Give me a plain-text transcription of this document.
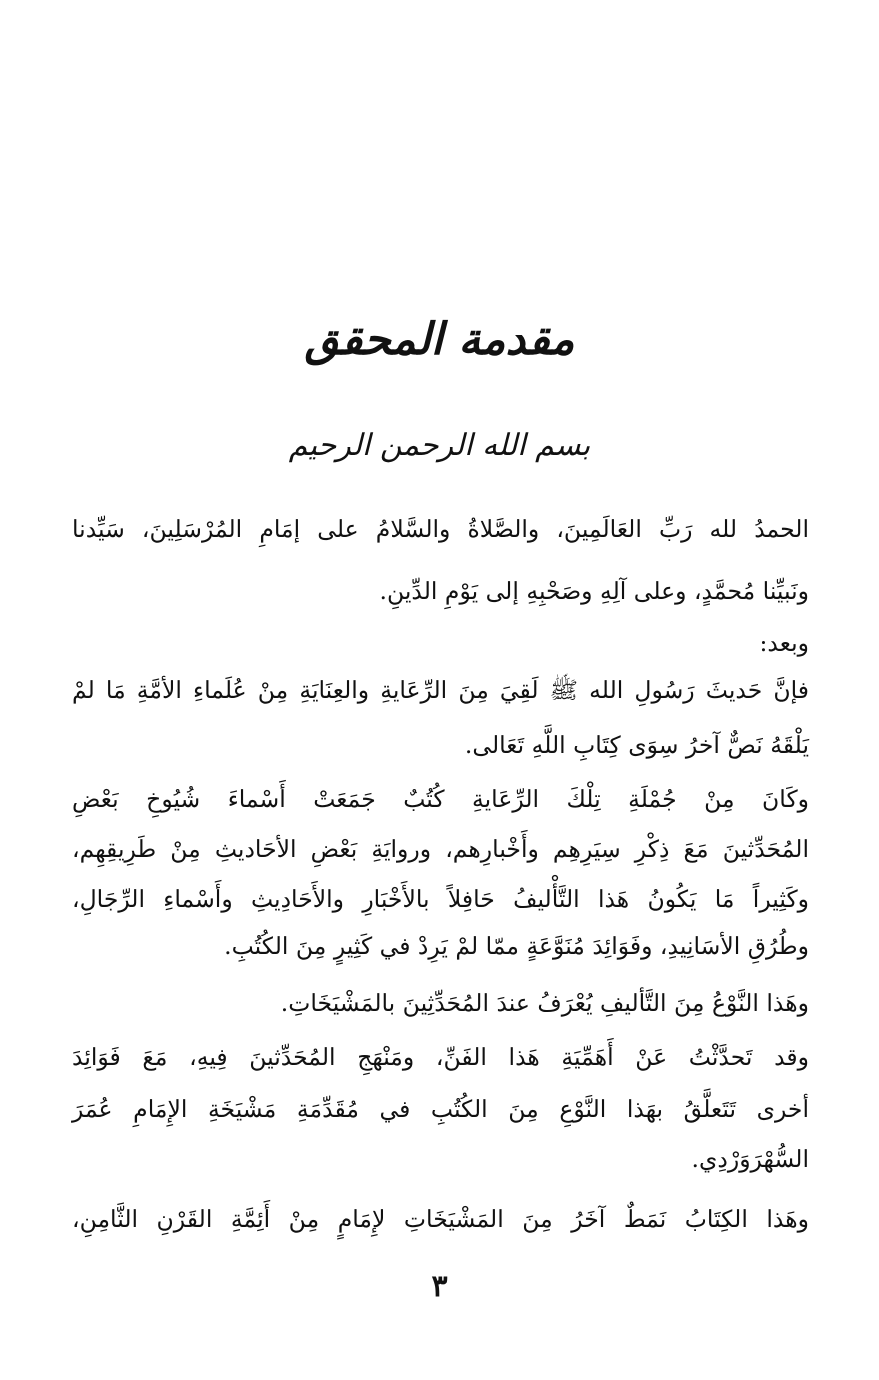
مقدمة المحقق
بسم الله الرحمن الرحيم
الحمدُ لله رَبِّ العَالَمِينَ، والصَّلاةُ والسَّلامُ على إمَامِ المُرْسَلِينَ، سَيِّدنا
ونَبيِّنا مُحمَّدٍ، وعلى آلِهِ وصَحْبِهِ إلى يَوْمِ الدِّينِ.
وبعد:
فإنَّ حَديثَ رَسُولِ الله ﷺ لَقِيَ مِنَ الرِّعَايةِ والعِنَايَةِ مِنْ عُلَماءِ الأمَّةِ مَا لمْ
يَلْقَهُ نَصٌّ آخرُ سِوَى كِتَابِ اللَّهِ تَعَالى.
وكَانَ مِنْ جُمْلَةِ تِلْكَ الرِّعَايةِ كُتُبٌ جَمَعَتْ أَسْماءَ شُيُوخِ بَعْضِ
المُحَدِّثينَ مَعَ ذِكْرِ سِيَرِهِم وأَخْبارِهم، وروايَةِ بَعْضِ الأحَاديثِ مِنْ طَرِيقِهِم،
وكَثِيراً مَا يَكُونُ هَذا التَّأْليفُ حَافِلاً بالأَخْبَارِ والأَحَادِيثِ وأَسْماءِ الرِّجَالِ،
وطُرُقِ الأسَانِيدِ، وفَوَائِدَ مُنَوَّعَةٍ ممّا لمْ يَرِدْ في كَثِيرٍ مِنَ الكُتُبِ.
وهَذا النَّوْعُ مِنَ التَّأليفِ يُعْرَفُ عندَ المُحَدِّثِينَ بالمَشْيَخَاتِ.
وقد تَحدَّثْتُ عَنْ أَهَمِّيَةِ هَذا الفَنِّ، ومَنْهَجِ المُحَدِّثينَ فِيهِ، مَعَ فَوَائِدَ
أخرى تَتَعلَّقُ بهَذا النَّوْعِ مِنَ الكُتُبِ في مُقَدِّمَةِ مَشْيَخَةِ الإِمَامِ عُمَرَ
السُّهْرَوَرْدِي.
وهَذا الكِتَابُ نَمَطٌ آخَرُ مِنَ المَشْيَخَاتِ لإِمَامٍ مِنْ أَئِمَّةِ القَرْنِ الثَّامِنِ،
٣
